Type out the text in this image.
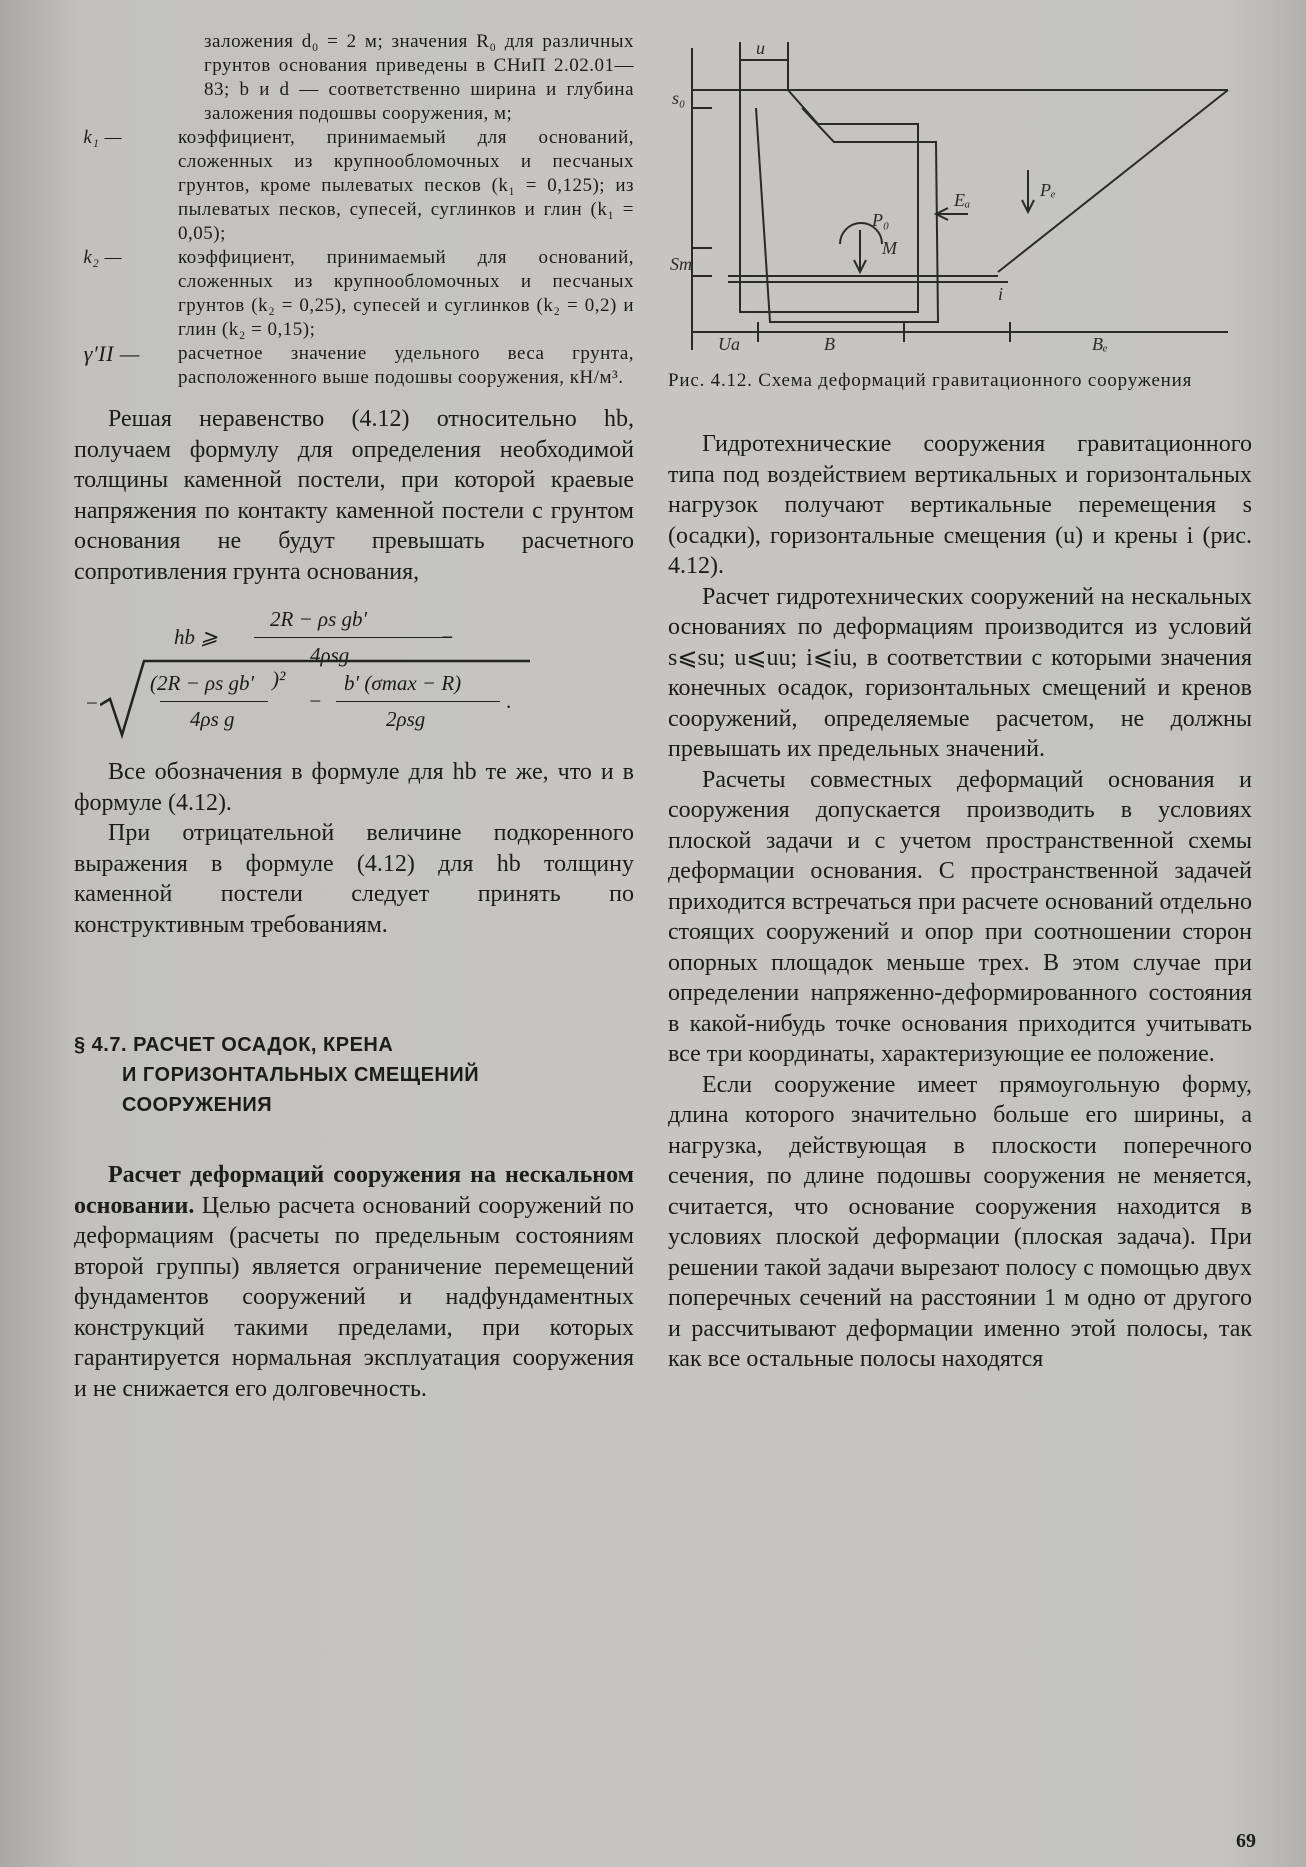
заложения d₀ = 2 м; значения R₀ для различных грунтов основания приведены в СНиП 2.02.01—83; b и d — соответственно ширина и глубина заложения подошвы сооружения, м;
k₁ —	коэффициент, принимаемый для оснований, сложенных из крупнообломочных и песчаных грунтов, кроме пылеватых песков (k₁ = 0,125); из пылеватых песков, супесей, суглинков и глин (k₁ = 0,05);
k₂ —	коэффициент, принимаемый для оснований, сложенных из крупнообломочных и песчаных грунтов (k₂ = 0,25), супесей и суглинков (k₂ = 0,2) и глин (k₂ = 0,15);
γ′II — расчетное значение удельного веса грунта, расположенного выше подошвы сооружения, кН/м³.

Решая неравенство (4.12) относительно hb, получаем формулу для определения необходимой толщины каменной постели, при которой краевые напряжения по контакту каменной постели с грунтом основания не будут превышать расчетного сопротивления грунта основания,

hb ⩾
2R − ρs gb′
4ρsg
−
−
(2R − ρs gb′ )²
4ρs g
−
b′ (σmax − R)
2ρsg
.

Все обозначения в формуле для hb те же, что и в формуле (4.12).

При отрицательной величине подкоренного выражения в формуле (4.12) для hb толщину каменной постели следует принять по конструктивным требованиям.

§ 4.7. РАСЧЕТ ОСАДОК, КРЕНА
И ГОРИЗОНТАЛЬНЫХ СМЕЩЕНИЙ
СООРУЖЕНИЯ

Расчет деформаций сооружения на нескальном основании. Целью расчета оснований сооружений по деформациям (расчеты по предельным состояниям второй группы) является ограничение перемещений фундаментов сооружений и надфундаментных конструкций такими пределами, при которых гарантируется нормальная эксплуатация сооружения и не снижается его долговечность.

u
s₀
Pₑ
Eₐ
P₀
M
Sm
i
Ua	B	Bₑ

Рис. 4.12. Схема деформаций гравитационного сооружения

Гидротехнические сооружения гравитационного типа под воздействием вертикальных и горизонтальных нагрузок получают вертикальные перемещения s (осадки), горизонтальные смещения (u) и крены i (рис. 4.12).

Расчет гидротехнических сооружений на нескальных основаниях по деформациям производится из условий s⩽su; u⩽uu; i⩽iu, в соответствии с которыми значения конечных осадок, горизонтальных смещений и кренов сооружений, определяемые расчетом, не должны превышать их предельных значений.

Расчеты совместных деформаций основания и сооружения допускается производить в условиях плоской задачи и с учетом пространственной схемы деформации основания. С пространственной задачей приходится встречаться при расчете оснований отдельно стоящих сооружений и опор при соотношении сторон опорных площадок меньше трех. В этом случае при определении напряженно-деформированного состояния в какой-нибудь точке основания приходится учитывать все три координаты, характеризующие ее положение.

Если сооружение имеет прямоугольную форму, длина которого значительно больше его ширины, а нагрузка, действующая в плоскости поперечного сечения, по длине подошвы сооружения не меняется, считается, что основание сооружения находится в условиях плоской деформации (плоская задача). При решении такой задачи вырезают полосу с помощью двух поперечных сечений на расстоянии 1 м одно от другого и рассчитывают деформации именно этой полосы, так как все остальные полосы находятся

69
